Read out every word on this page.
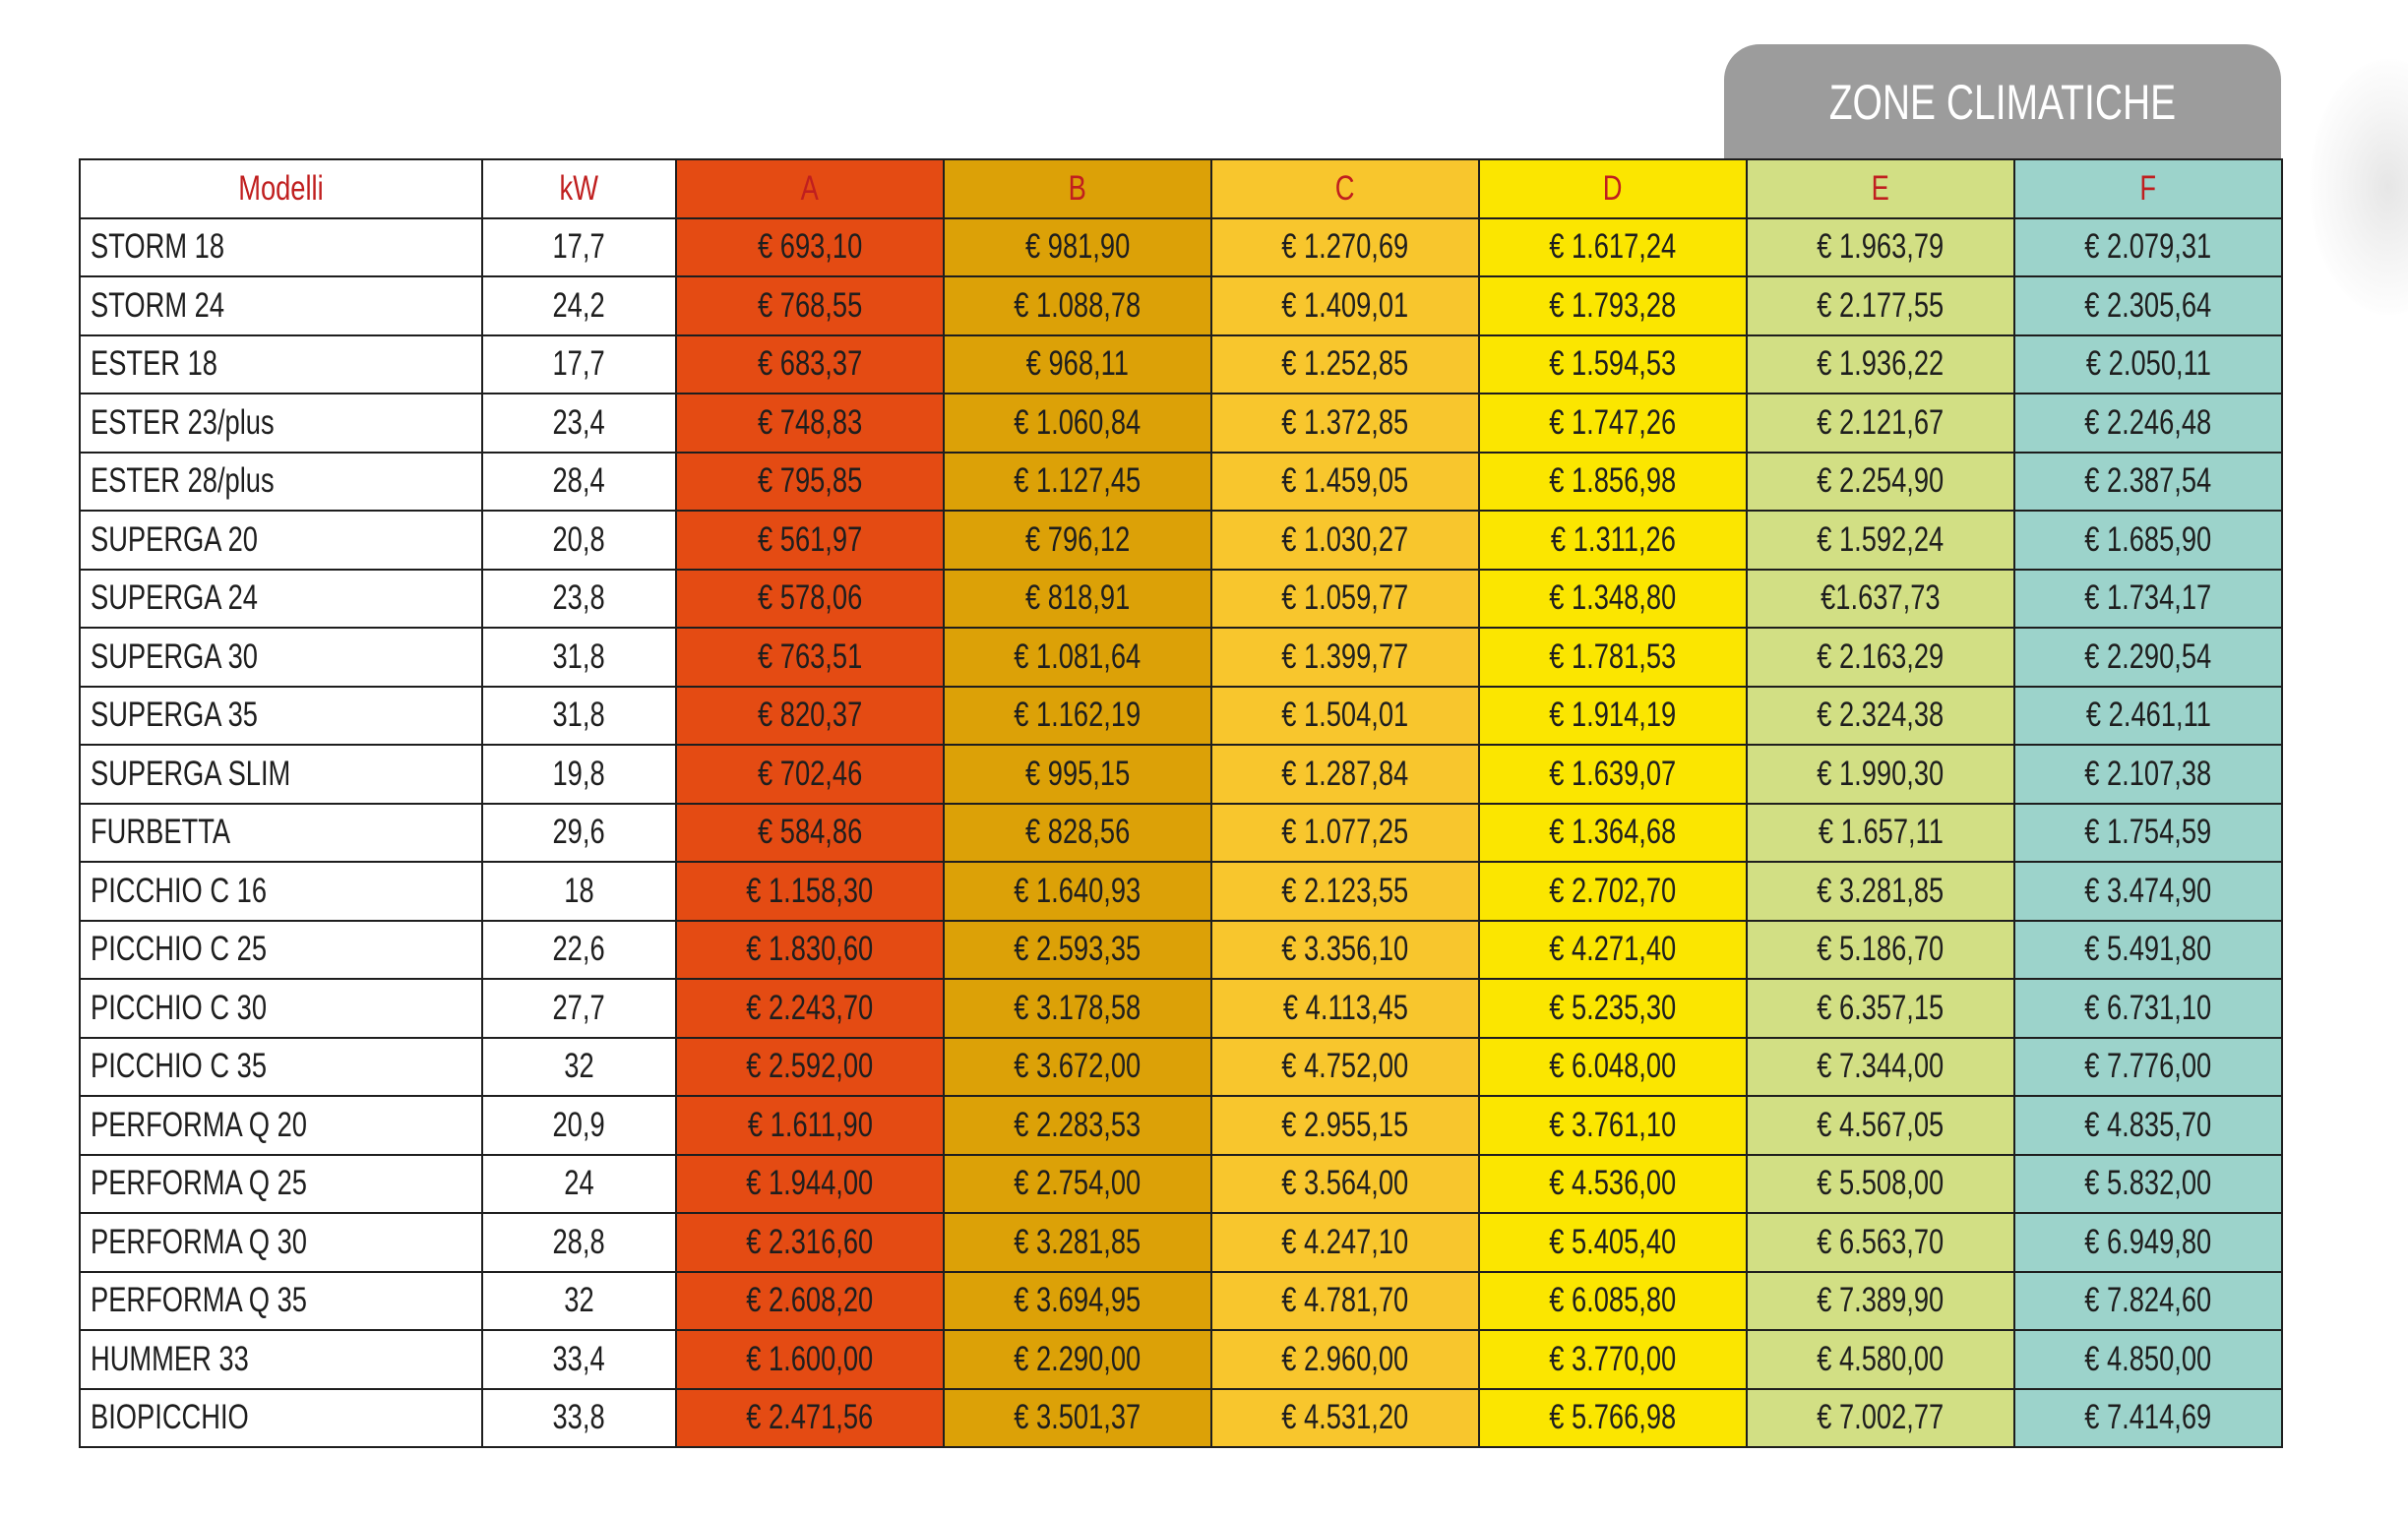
ZONE CLIMATICHE
Modelli	kW	A	B	C	D	E	F
STORM 18	17,7	€ 693,10	€ 981,90	€ 1.270,69	€ 1.617,24	€ 1.963,79	€ 2.079,31
STORM 24	24,2	€ 768,55	€ 1.088,78	€ 1.409,01	€ 1.793,28	€ 2.177,55	€ 2.305,64
ESTER 18	17,7	€ 683,37	€ 968,11	€ 1.252,85	€ 1.594,53	€ 1.936,22	€ 2.050,11
ESTER 23/plus	23,4	€ 748,83	€ 1.060,84	€ 1.372,85	€ 1.747,26	€ 2.121,67	€ 2.246,48
ESTER 28/plus	28,4	€ 795,85	€ 1.127,45	€ 1.459,05	€ 1.856,98	€ 2.254,90	€ 2.387,54
SUPERGA 20	20,8	€ 561,97	€ 796,12	€ 1.030,27	€ 1.311,26	€ 1.592,24	€ 1.685,90
SUPERGA 24	23,8	€ 578,06	€ 818,91	€ 1.059,77	€ 1.348,80	€1.637,73	€ 1.734,17
SUPERGA 30	31,8	€ 763,51	€ 1.081,64	€ 1.399,77	€ 1.781,53	€ 2.163,29	€ 2.290,54
SUPERGA 35	31,8	€ 820,37	€ 1.162,19	€ 1.504,01	€ 1.914,19	€ 2.324,38	€ 2.461,11
SUPERGA SLIM	19,8	€ 702,46	€ 995,15	€ 1.287,84	€ 1.639,07	€ 1.990,30	€ 2.107,38
FURBETTA	29,6	€ 584,86	€ 828,56	€ 1.077,25	€ 1.364,68	€ 1.657,11	€ 1.754,59
PICCHIO C 16	18	€ 1.158,30	€ 1.640,93	€ 2.123,55	€ 2.702,70	€ 3.281,85	€ 3.474,90
PICCHIO C 25	22,6	€ 1.830,60	€ 2.593,35	€ 3.356,10	€ 4.271,40	€ 5.186,70	€ 5.491,80
PICCHIO C 30	27,7	€ 2.243,70	€ 3.178,58	€ 4.113,45	€ 5.235,30	€ 6.357,15	€ 6.731,10
PICCHIO C 35	32	€ 2.592,00	€ 3.672,00	€ 4.752,00	€ 6.048,00	€ 7.344,00	€ 7.776,00
PERFORMA Q 20	20,9	€ 1.611,90	€ 2.283,53	€ 2.955,15	€ 3.761,10	€ 4.567,05	€ 4.835,70
PERFORMA Q 25	24	€ 1.944,00	€ 2.754,00	€ 3.564,00	€ 4.536,00	€ 5.508,00	€ 5.832,00
PERFORMA Q 30	28,8	€ 2.316,60	€ 3.281,85	€ 4.247,10	€ 5.405,40	€ 6.563,70	€ 6.949,80
PERFORMA Q 35	32	€ 2.608,20	€ 3.694,95	€ 4.781,70	€ 6.085,80	€ 7.389,90	€ 7.824,60
HUMMER 33	33,4	€ 1.600,00	€ 2.290,00	€ 2.960,00	€ 3.770,00	€ 4.580,00	€ 4.850,00
BIOPICCHIO	33,8	€ 2.471,56	€ 3.501,37	€ 4.531,20	€ 5.766,98	€ 7.002,77	€ 7.414,69
